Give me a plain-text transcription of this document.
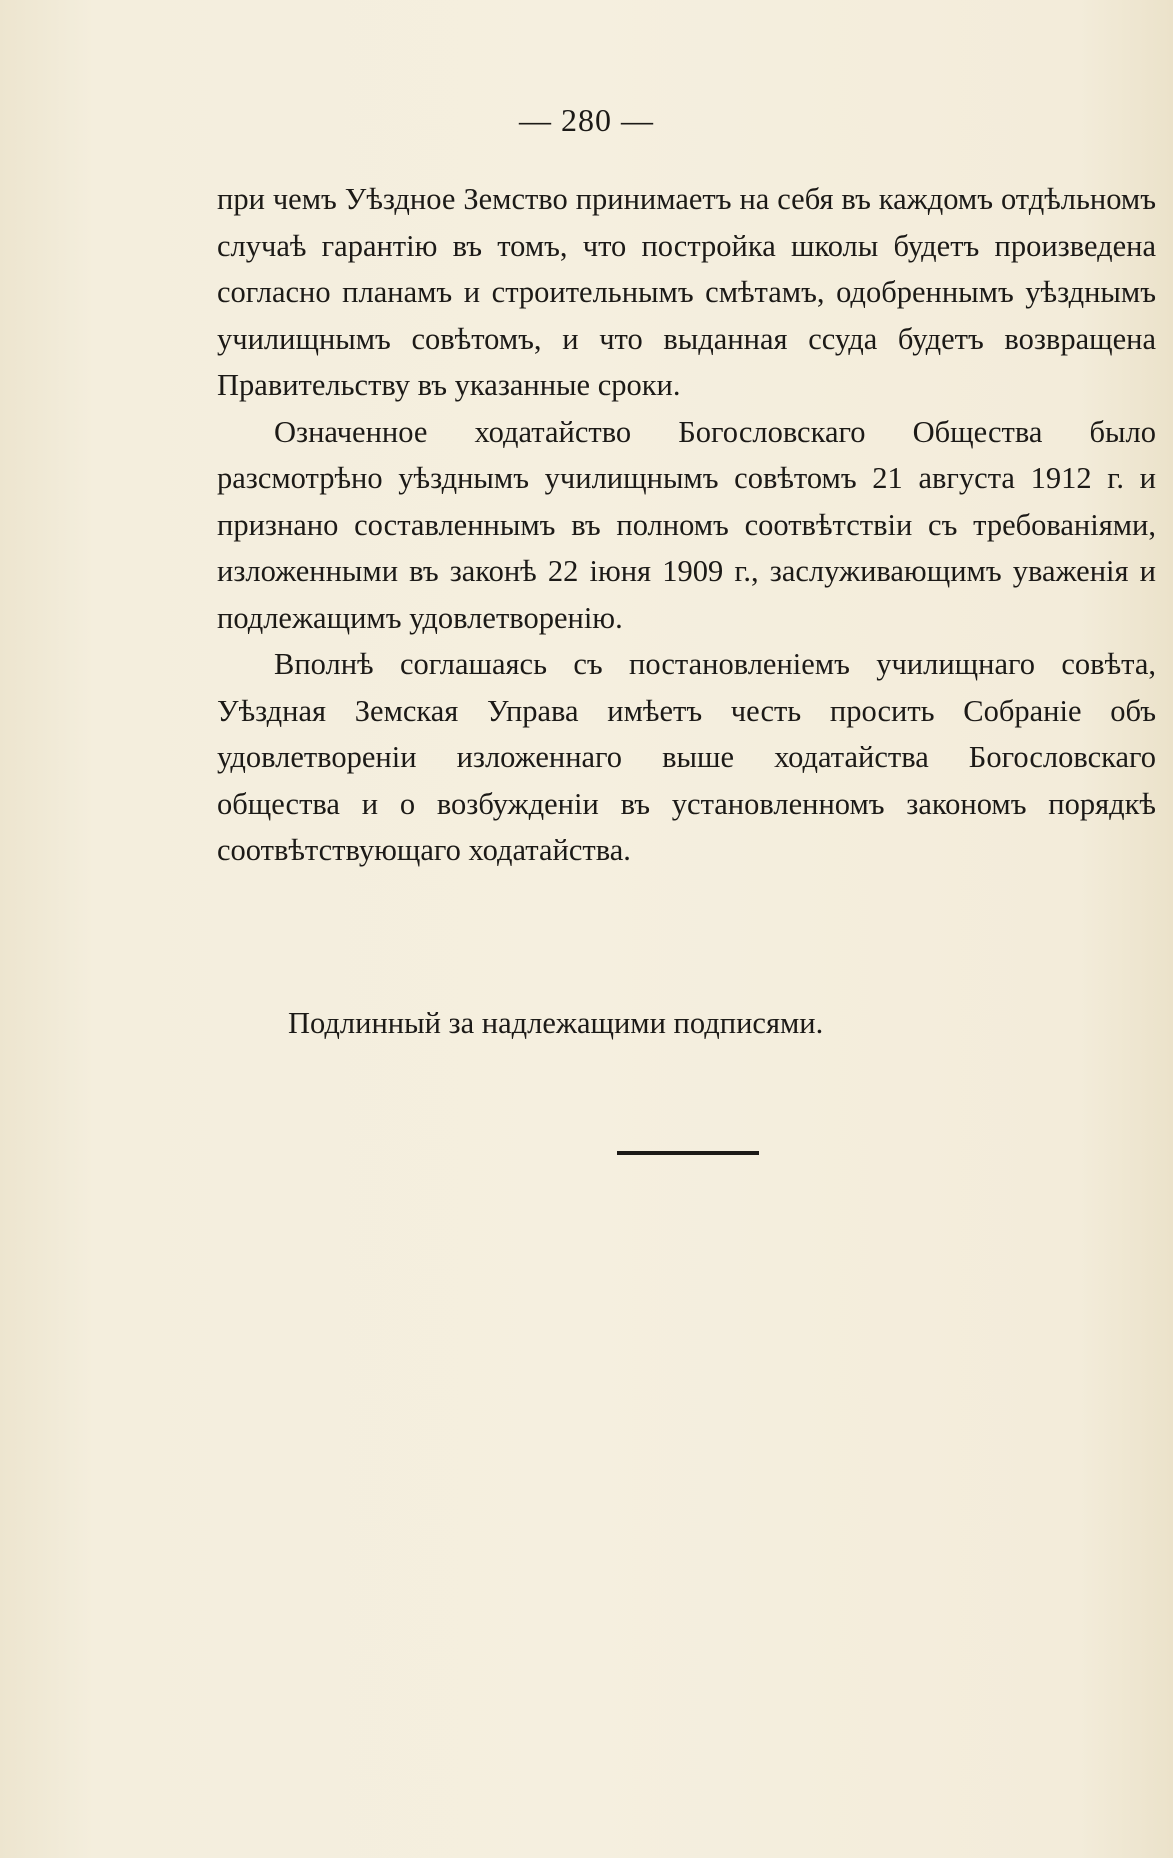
— 280 —

при чемъ Уѣздное Земство принимаетъ на себя въ каждомъ отдѣльномъ случаѣ гарантію въ томъ, что постройка школы будетъ произведена согласно планамъ и строительнымъ смѣтамъ, одобреннымъ уѣзднымъ училищнымъ совѣтомъ, и что выданная ссуда будетъ возвращена Правительству въ указанные сроки.

Означенное ходатайство Богословскаго Общества было разсмотрѣно уѣзднымъ училищнымъ совѣтомъ 21 августа 1912 г. и признано составленнымъ въ полномъ соотвѣтствіи съ требованіями, изложенными въ законѣ 22 іюня 1909 г., заслуживающимъ уваженія и подлежащимъ удовлетворенію.

Вполнѣ соглашаясь съ постановленіемъ училищнаго совѣта, Уѣздная Земская Управа имѣетъ честь просить Собраніе объ удовлетвореніи изложеннаго выше ходатайства Богословскаго общества и о возбужденіи въ установленномъ закономъ порядкѣ соотвѣтствующаго ходатайства.

Подлинный за надлежащими подписями.
